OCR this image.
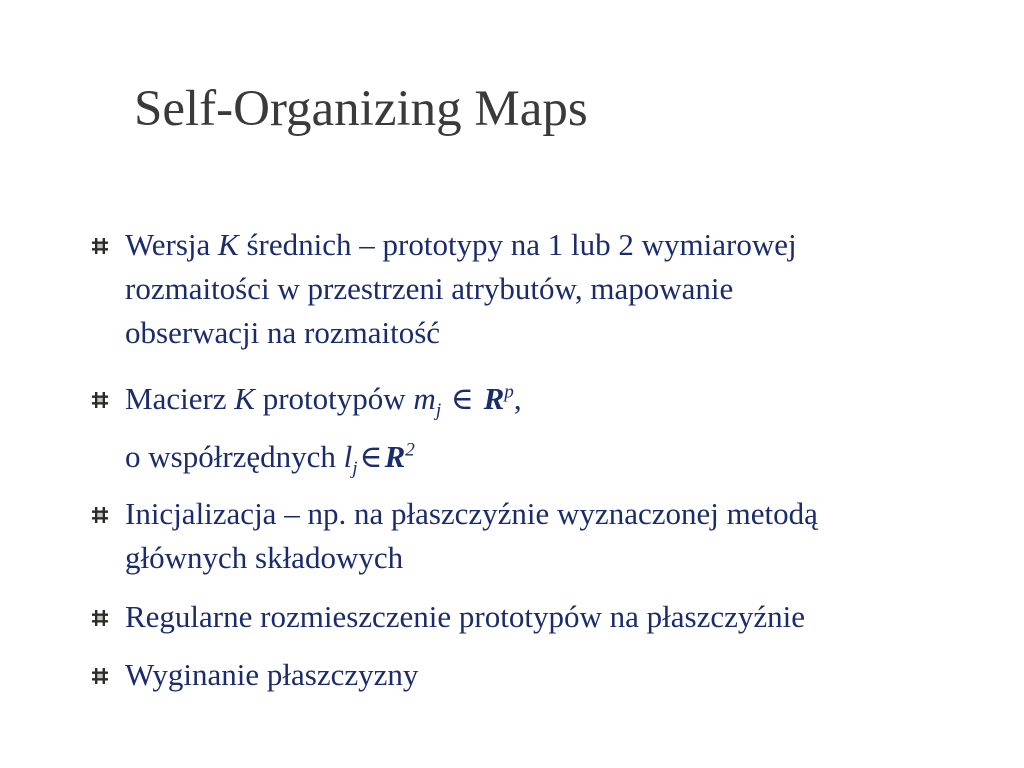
Self-Organizing Maps
Wersja K średnich – prototypy na 1 lub 2 wymiarowej
rozmaitości w przestrzeni atrybutów, mapowanie
obserwacji na rozmaitość
Macierz K prototypów $m_j$ ∈ $R^p$,
o współrzędnych $l_j\in R^2$
Inicjalizacja – np. na płaszczyźnie wyznaczonej metodą
głównych składowych
Regularne rozmieszczenie prototypów na płaszczyźnie
Wyginanie płaszczyzny
